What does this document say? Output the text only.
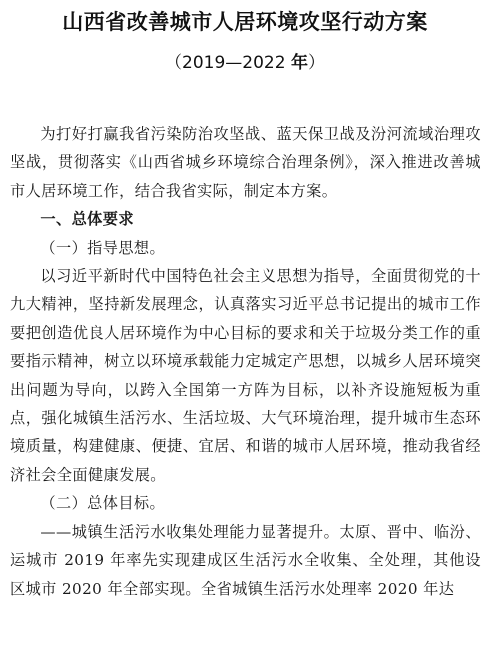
山西省改善城市人居环境攻坚行动方案

（2019—2022 年）

为打好打赢我省污染防治攻坚战、蓝天保卫战及汾河流域治理攻坚战，贯彻落实《山西省城乡环境综合治理条例》，深入推进改善城市人居环境工作，结合我省实际，制定本方案。

一、总体要求

（一）指导思想。

以习近平新时代中国特色社会主义思想为指导，全面贯彻党的十九大精神，坚持新发展理念，认真落实习近平总书记提出的城市工作要把创造优良人居环境作为中心目标的要求和关于垃圾分类工作的重要指示精神，树立以环境承载能力定城定产思想，以城乡人居环境突出问题为导向，以跨入全国第一方阵为目标，以补齐设施短板为重点，强化城镇生活污水、生活垃圾、大气环境治理，提升城市生态环境质量，构建健康、便捷、宜居、和谐的城市人居环境，推动我省经济社会全面健康发展。

（二）总体目标。

——城镇生活污水收集处理能力显著提升。太原、晋中、临汾、运城市 2019 年率先实现建成区生活污水全收集、全处理，其他设区城市 2020 年全部实现。全省城镇生活污水处理率 2020 年达
